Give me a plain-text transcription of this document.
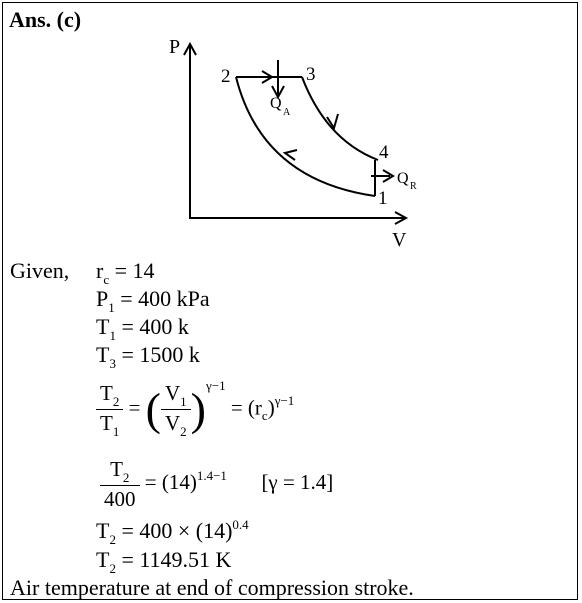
Ans. (c)
P
V
2	3
4
1
Q
A
Q R
Given, $r_c = 14$
$P_1 = 400$ kPa
$T_1 = 400$ k
$T_3 = 1500$ k
$\frac{T_2}{T_1}$ = ( $\frac{V_1}{V_2} )^{\gamma-1} = (r_c)^{\gamma-1}$
$\frac{T_2}{400} = (14)^{1.4-1}$ [γ = 1.4]
$T_2 = 400 \times (14)^{0.4}$
$T_2 = 1149.51$ K
Air temperature at end of compression stroke.
